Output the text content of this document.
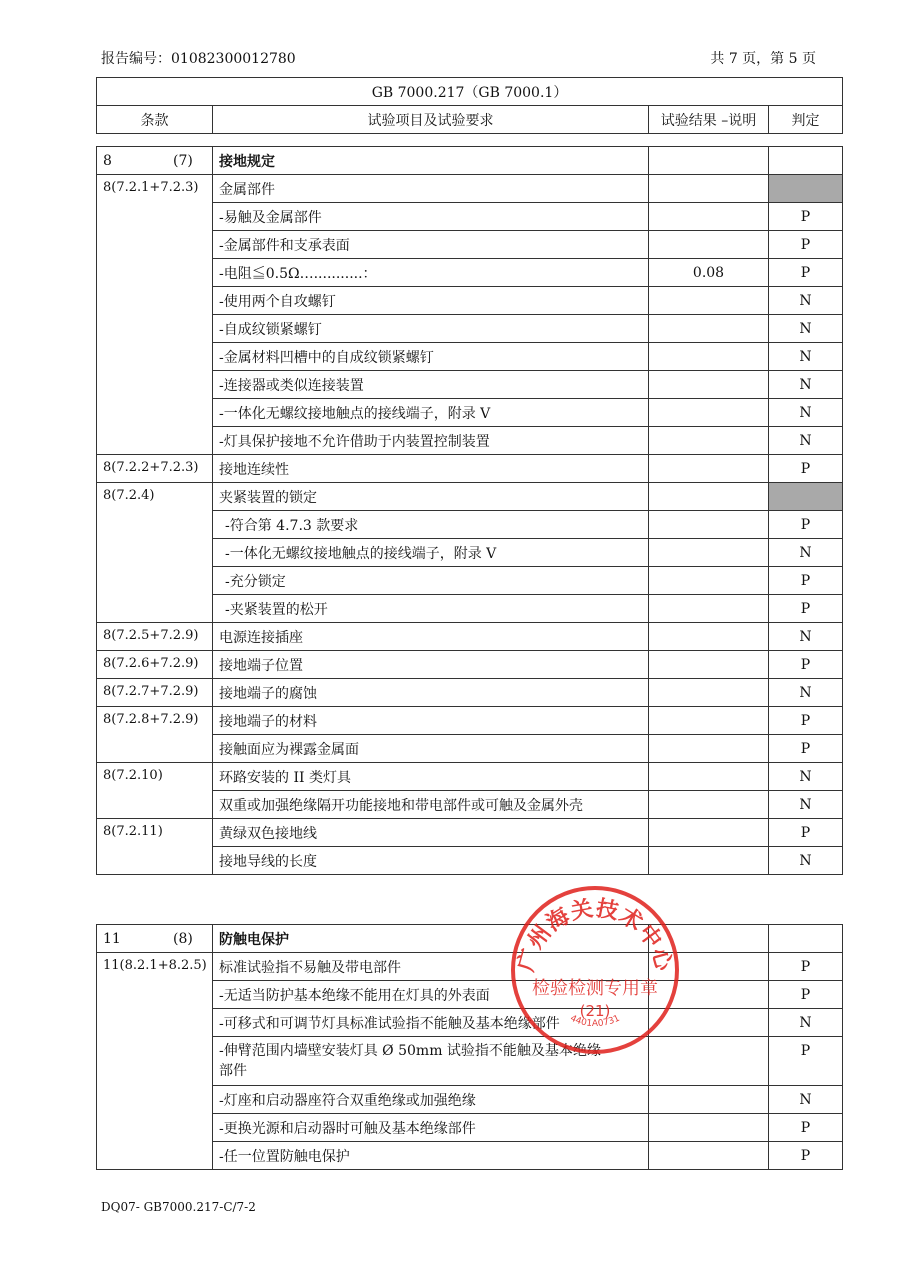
报告编号：01082300012780	共 7 页，第 5 页
GB 7000.217（GB 7000.1）
条款	试验项目及试验要求	试验结果 –说明	判定
8 (7)	接地规定		
8(7.2.1+7.2.3)	金属部件		
	-易触及金属部件		P
	-金属部件和支承表面		P
	-电阻≦0.5Ω…...........：	0.08	P
	-使用两个自攻螺钉		N
	-自成纹锁紧螺钉		N
	-金属材料凹槽中的自成纹锁紧螺钉		N
	-连接器或类似连接装置		N
	-一体化无螺纹接地触点的接线端子，附录 V		N
	-灯具保护接地不允许借助于内装置控制装置		N
8(7.2.2+7.2.3)	接地连续性		P
8(7.2.4)	夹紧装置的锁定		
	-符合第 4.7.3 款要求		P
	-一体化无螺纹接地触点的接线端子，附录 V		N
	-充分锁定		P
	-夹紧装置的松开		P
8(7.2.5+7.2.9)	电源连接插座		N
8(7.2.6+7.2.9)	接地端子位置		P
8(7.2.7+7.2.9)	接地端子的腐蚀		N
8(7.2.8+7.2.9)	接地端子的材料		P
	接触面应为裸露金属面		P
8(7.2.10)	环路安装的 II 类灯具		N
	双重或加强绝缘隔开功能接地和带电部件或可触及金属外壳		N
8(7.2.11)	黄绿双色接地线		P
	接地导线的长度		N
11 (8)	防触电保护		
11(8.2.1+8.2.5)	标准试验指不易触及带电部件		P
	-无适当防护基本绝缘不能用在灯具的外表面		P
	-可移式和可调节灯具标准试验指不能触及基本绝缘部件		N
	-伸臂范围内墙壁安装灯具 Ø 50mm 试验指不能触及基本绝缘
部件		P
	-灯座和启动器座符合双重绝缘或加强绝缘		N
	-更换光源和启动器时可触及基本绝缘部件		P
	-任一位置防触电保护		P
广州海关技术中心
检验检测专用章
(21)
4401A0731
DQ07- GB7000.217-C/7-2
